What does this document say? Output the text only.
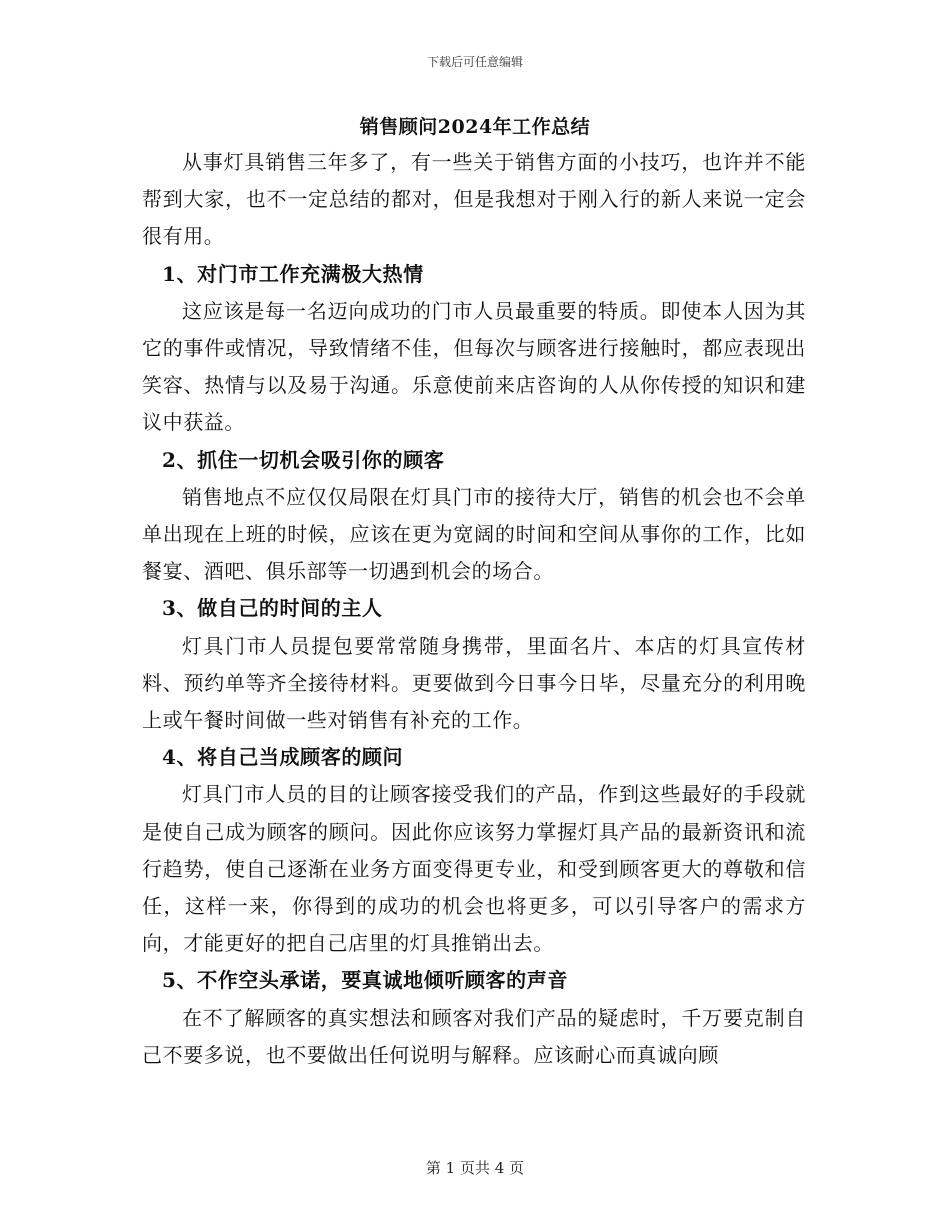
下载后可任意编辑
销售顾问2024年工作总结

从事灯具销售三年多了，有一些关于销售方面的小技巧，也许并不能帮到大家，也不一定总结的都对，但是我想对于刚入行的新人来说一定会很有用。

1、对门市工作充满极大热情

这应该是每一名迈向成功的门市人员最重要的特质。即使本人因为其它的事件或情况，导致情绪不佳，但每次与顾客进行接触时，都应表现出笑容、热情与以及易于沟通。乐意使前来店咨询的人从你传授的知识和建议中获益。

2、抓住一切机会吸引你的顾客

销售地点不应仅仅局限在灯具门市的接待大厅，销售的机会也不会单单出现在上班的时候，应该在更为宽阔的时间和空间从事你的工作，比如餐宴、酒吧、俱乐部等一切遇到机会的场合。

3、做自己的时间的主人

灯具门市人员提包要常常随身携带，里面名片、本店的灯具宣传材料、预约单等齐全接待材料。更要做到今日事今日毕，尽量充分的利用晚上或午餐时间做一些对销售有补充的工作。

4、将自己当成顾客的顾问

灯具门市人员的目的让顾客接受我们的产品，作到这些最好的手段就是使自己成为顾客的顾问。因此你应该努力掌握灯具产品的最新资讯和流行趋势，使自己逐渐在业务方面变得更专业，和受到顾客更大的尊敬和信任，这样一来，你得到的成功的机会也将更多，可以引导客户的需求方向，才能更好的把自己店里的灯具推销出去。

5、不作空头承诺，要真诚地倾听顾客的声音

在不了解顾客的真实想法和顾客对我们产品的疑虑时，千万要克制自己不要多说，也不要做出任何说明与解释。应该耐心而真诚向顾

第 1 页共 4 页
